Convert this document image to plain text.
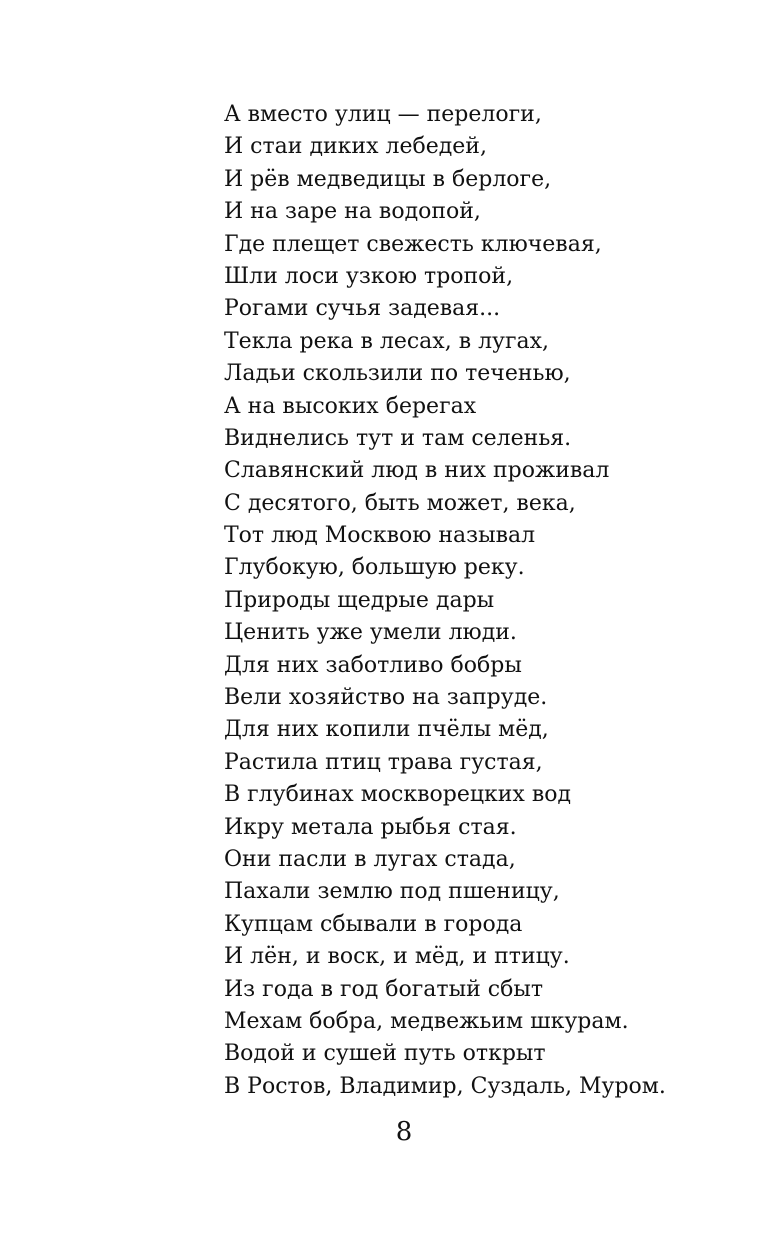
А вместо улиц — перелоги,
И стаи диких лебедей,
И рёв медведицы в берлоге,
И на заре на водопой,
Где плещет свежесть ключевая,
Шли лоси узкою тропой,
Рогами сучья задевая...
Текла река в лесах, в лугах,
Ладьи скользили по теченью,
А на высоких берегах
Виднелись тут и там селенья.
Славянский люд в них проживал
С десятого, быть может, века,
Тот люд Москвою называл
Глубокую, большую реку.
Природы щедрые дары
Ценить уже умели люди.
Для них заботливо бобры
Вели хозяйство на запруде.
Для них копили пчёлы мёд,
Растила птиц трава густая,
В глубинах москворецких вод
Икру метала рыбья стая.
Они пасли в лугах стада,
Пахали землю под пшеницу,
Купцам сбывали в города
И лён, и воск, и мёд, и птицу.
Из года в год богатый сбыт
Мехам бобра, медвежьим шкурам.
Водой и сушей путь открыт
В Ростов, Владимир, Суздаль, Муром.
8
